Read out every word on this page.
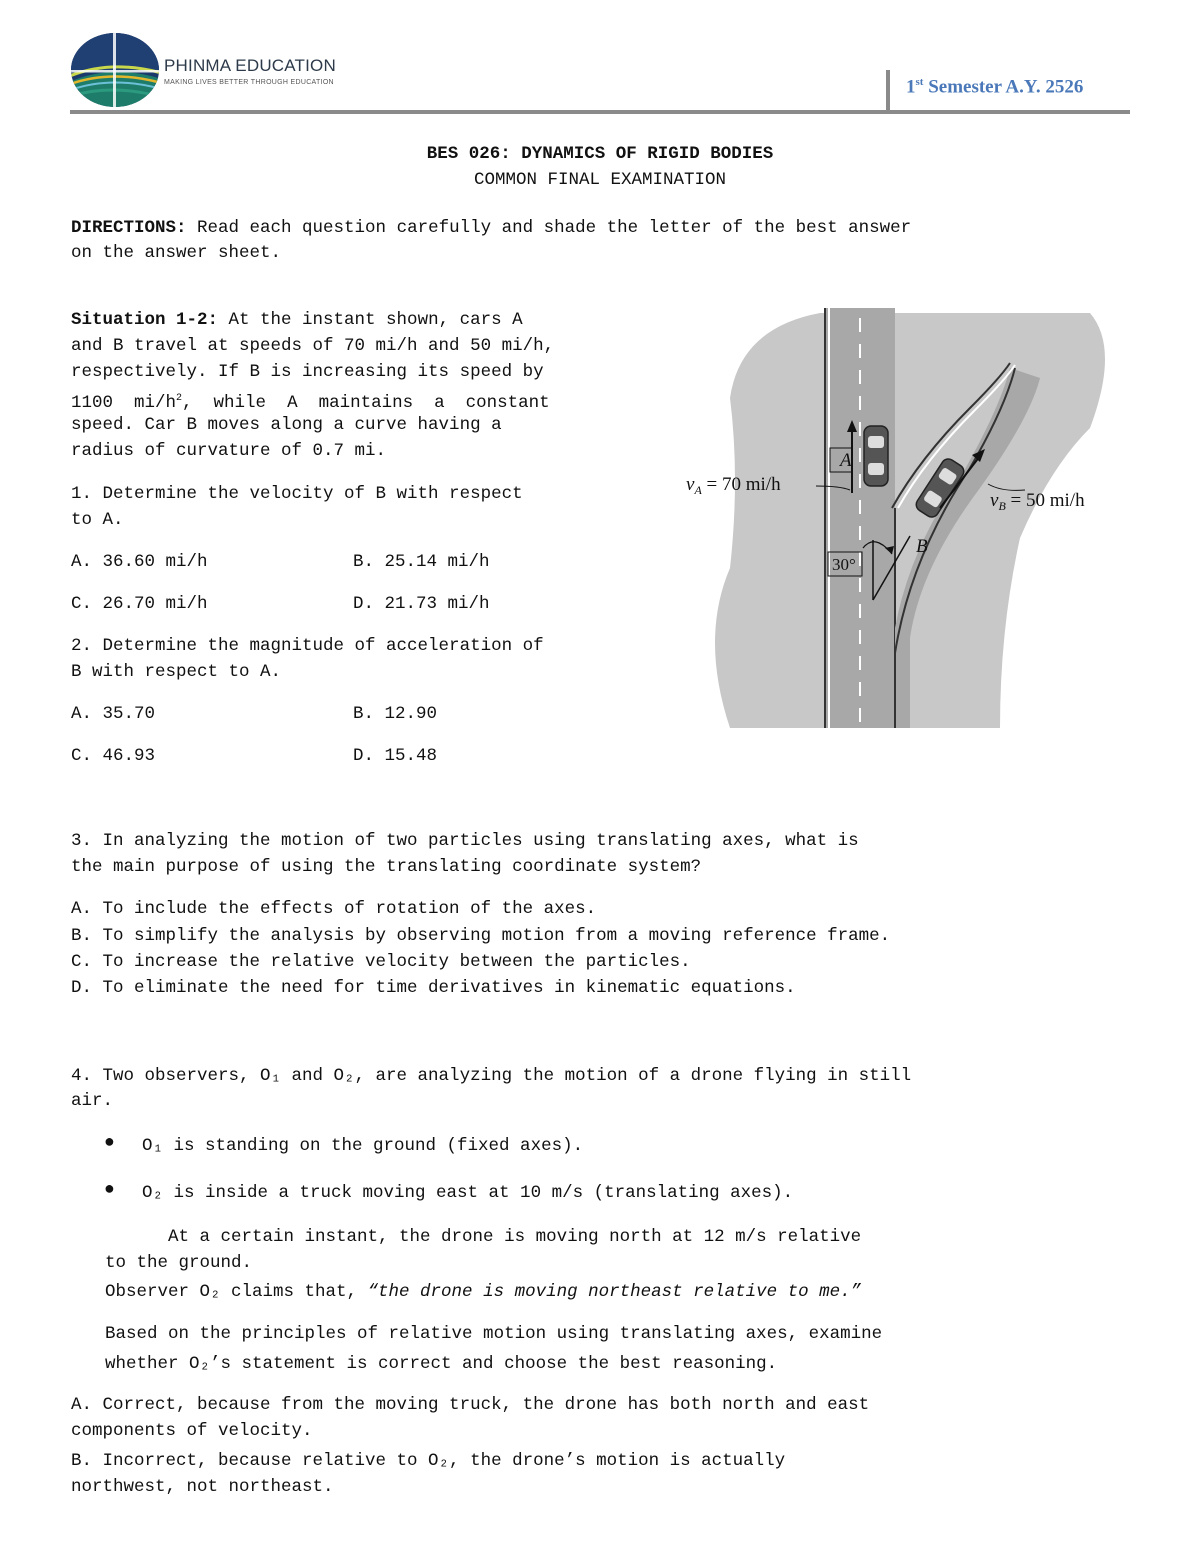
PHINMA EDUCATION
MAKING LIVES BETTER THROUGH EDUCATION	1st Semester A.Y. 2526
BES 026: DYNAMICS OF RIGID BODIES
COMMON FINAL EXAMINATION
DIRECTIONS: Read each question carefully and shade the letter of the best answer
on the answer sheet.
Situation 1-2: At the instant shown, cars A
and B travel at speeds of 70 mi/h and 50 mi/h,
respectively. If B is increasing its speed by
1100  $mi/h^2$,  while  A  maintains  a  constant
speed. Car B moves along a curve having a
radius of curvature of 0.7 mi.
1. Determine the velocity of B with respect
to A.
A. 36.60 mi/h	B. 25.14 mi/h
C. 26.70 mi/h	D. 21.73 mi/h
2. Determine the magnitude of acceleration of
B with respect to A.
A. 35.70	B. 12.90
C. 46.93	D. 15.48
A
B
30°
$v_A = 70$ mi/h
$v_B = 50$ mi/h
3. In analyzing the motion of two particles using translating axes, what is
the main purpose of using the translating coordinate system?
A. To include the effects of rotation of the axes.
B. To simplify the analysis by observing motion from a moving reference frame.
C. To increase the relative velocity between the particles.
D. To eliminate the need for time derivatives in kinematic equations.
4. Two observers, O₁ and O₂, are analyzing the motion of a drone flying in still
air.
● O₁ is standing on the ground (fixed axes).
● O₂ is inside a truck moving east at 10 m/s (translating axes).
At a certain instant, the drone is moving north at 12 m/s relative
to the ground.
Observer O₂ claims that, “the drone is moving northeast relative to me.”
Based on the principles of relative motion using translating axes, examine
whether O₂’s statement is correct and choose the best reasoning.
A. Correct, because from the moving truck, the drone has both north and east
components of velocity.
B. Incorrect, because relative to O₂, the drone’s motion is actually
northwest, not northeast.
